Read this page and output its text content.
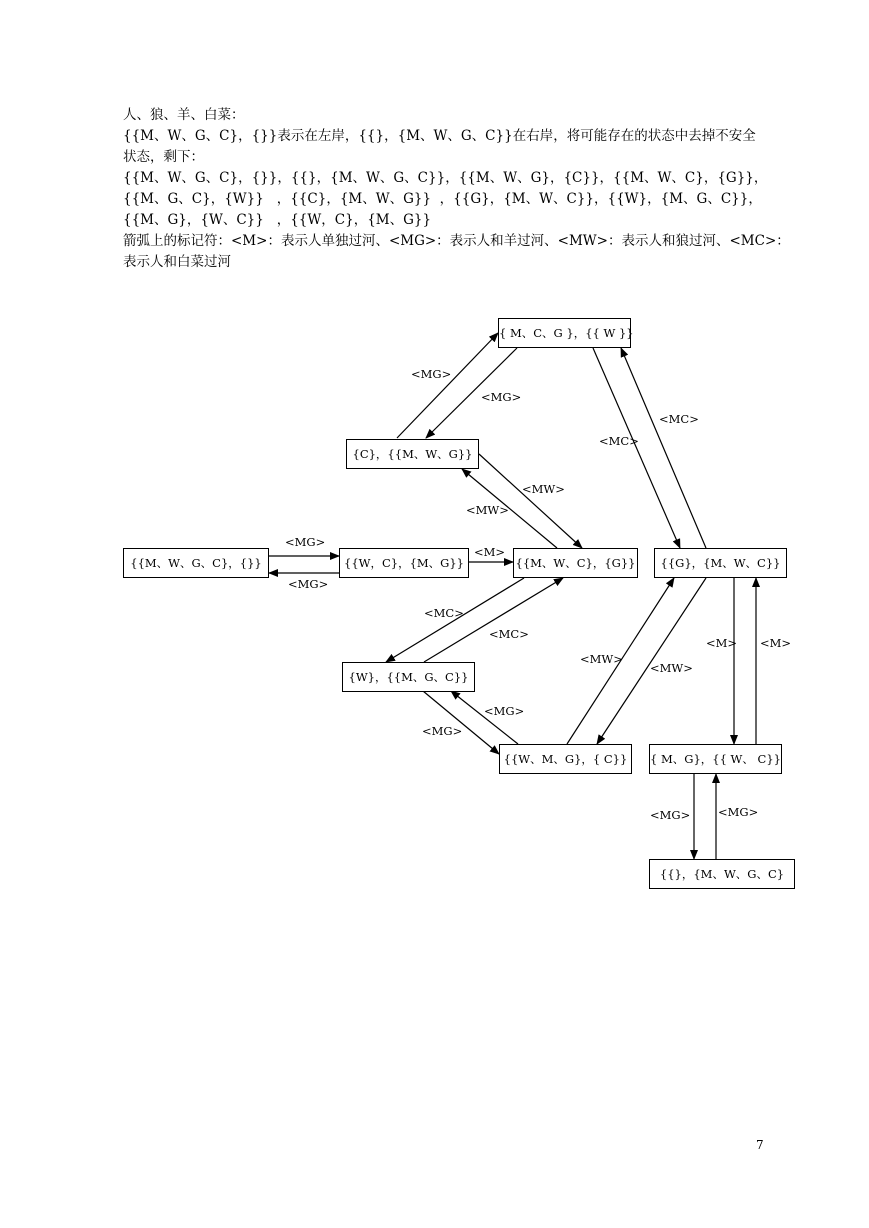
人、狼、羊、白菜：
{{M、W、G、C}，{}}表示在左岸，{{}，{M、W、G、C}}在右岸，将可能存在的状态中去掉不安全
状态，剩下：
{{M、W、G、C}，{}}，{{}，{M、W、G、C}}，{{M、W、G}，{C}}，{{M、W、C}，{G}}，
{{M、G、C}，{W}}   ，{{C}，{M、W、G}}  ，{{G}，{M、W、C}}，{{W}，{M、G、C}}，
{{M、G}，{W、C}}   ，{{W，C}，{M、G}}
箭弧上的标记符：<M>：表示人单独过河、<MG>：表示人和羊过河、<MW>：表示人和狼过河、<MC>：
表示人和白菜过河
{{M、W、G、C}，{}}	{{W，C}，{M、G}}	{{M、W、C}，{G}}	{{G}，{M、W、C}}
{ M、C、G }，{{ W }}
{C}，{{M、W、G}}
{W}，{{M、G、C}}
{{W、M、G}，{ C}}	{ M、G}，{{ W、 C}}
{{}，{M、W、G、C}
<MG>
<MG>
<M>
<MG>
<MG>
<MC>
<MC>
<MW>
<MW>
<MC>
<MC>
<MG>
<MG>
<MW>
<MW>
<M> <M>
<MG> <MG>
7
